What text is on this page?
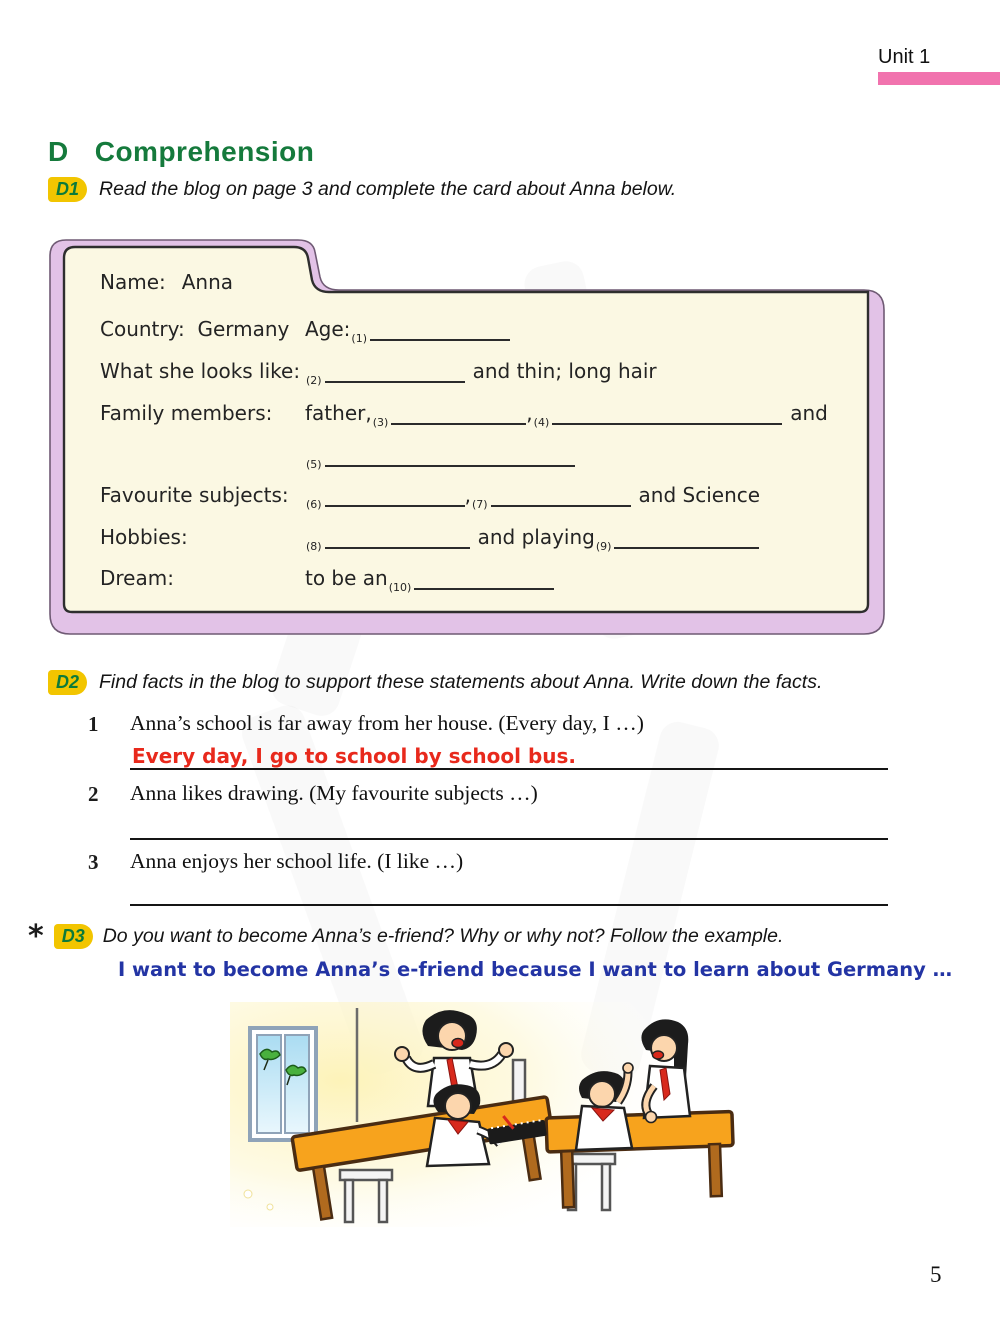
Unit 1
D Comprehension
D1	Read the blog on page 3 and complete the card about Anna below.
Name: Anna
Country: Germany Age:$^{(1)}$
What she looks like: $^{(2)}$	and thin; long hair
Family members:	father,$^{(3)}$	,$^{(4)}$	and
$^{(5)}$
Favourite subjects:	$^{(6)}$	,$^{(7)}$	and Science
Hobbies:	$^{(8)}$	and playing$^{(9)}$
Dream:	to be $an^{(10)}$
D2	Find facts in the blog to support these statements about Anna. Write down the facts.
1 Anna’s school is far away from her house. (Every day, I …)
Every day, I go to school by school bus.
2 Anna likes drawing. (My favourite subjects …)
3 Anna enjoys her school life. (I like …)
*	D3 Do you want to become Anna’s e-friend? Why or why not? Follow the example.
I want to become Anna’s e-friend because I want to learn about Germany …
5
